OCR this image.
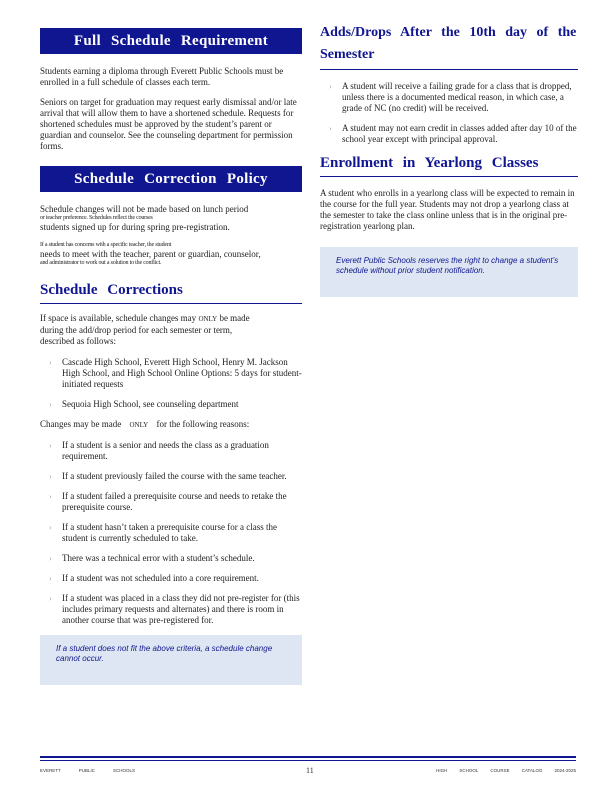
Full Schedule Requirement

Students earning a diploma through Everett Public Schools must be enrolled in a full schedule of classes each term.

Seniors on target for graduation may request early dismissal and/or late arrival that will allow them to have a shortened schedule. Requests for shortened schedules must be approved by the student’s parent or guardian and counselor. See the counseling department for permission forms.

Schedule Correction Policy

Schedule changes will not be made based on lunch period

or teacher preference. Schedules reflect the courses

students signed up for during spring pre-registration.

If a student has concerns with a specific teacher, the student

needs to meet with the teacher, parent or guardian, counselor,

and administrator to work out a solution to the conflict.

Schedule Corrections

If space is available, schedule changes may ONLY be made during the add/drop period for each semester or term, described as follows:

› Cascade High School, Everett High School, Henry M. Jackson High School, and High School Online Options: 5 days for student-initiated requests
› Sequoia High School, see counseling department

Changes may be made ONLY for the following reasons:

› If a student is a senior and needs the class as a graduation requirement.
› If a student previously failed the course with the same teacher.
› If a student failed a prerequisite course and needs to retake the prerequisite course.
› If a student hasn’t taken a prerequisite course for a class the student is currently scheduled to take.
› There was a technical error with a student’s schedule.
› If a student was not scheduled into a core requirement.
› If a student was placed in a class they did not pre-register for (this includes primary requests and alternates) and there is room in another course that was pre-registered for.
If a student does not fit the above criteria, a schedule change cannot occur.
Adds/Drops After the 10th day of the Semester
› A student will receive a failing grade for a class that is dropped, unless there is a documented medical reason, in which case, a grade of NC (no credit) will be received.
› A student may not earn credit in classes added after day 10 of the school year except with principal approval.
Enrollment in Yearlong Classes

A student who enrolls in a yearlong class will be expected to remain in the course for the full year. Students may not drop a yearlong class at the semester to take the class online unless that is in the original pre-registration yearlong plan.

Everett Public Schools reserves the right to change a student’s schedule without prior student notification.
EVERETT	PUBLIC	SCHOOLS	11	HIGH	SCHOOL	COURSE	CATALOG	2024-2025
